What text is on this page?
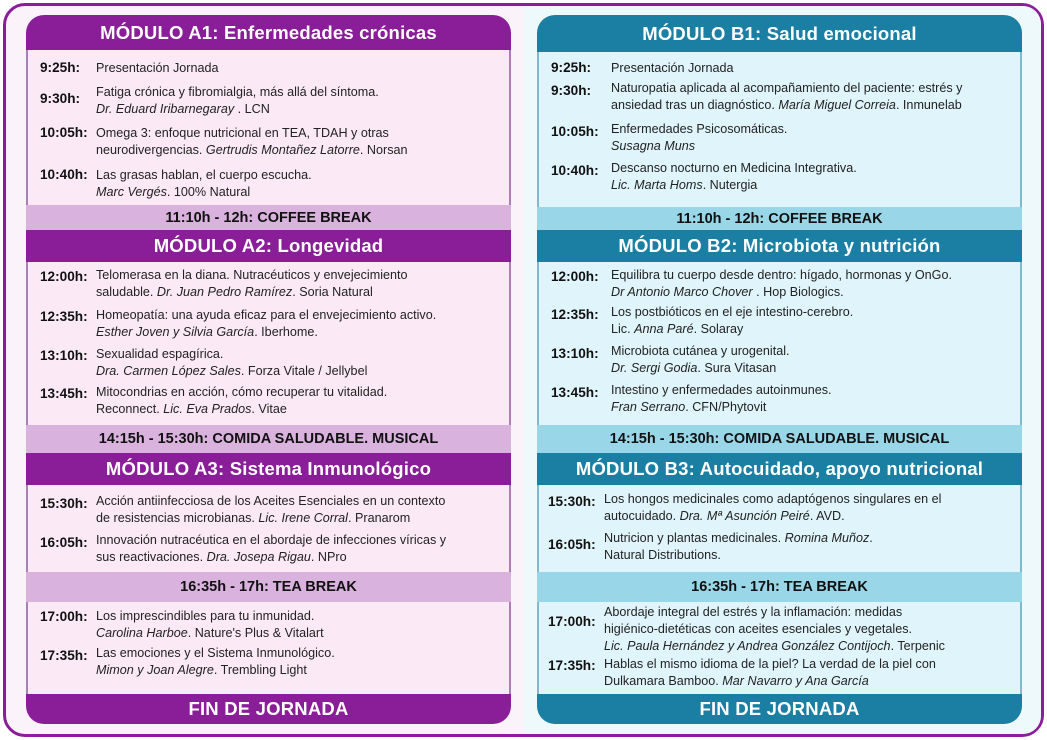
MÓDULO A1: Enfermedades crónicas
9:25h: Presentación Jornada
9:30h: Fatiga crónica y fibromialgia, más allá del síntoma.
Dr. Eduard Iribarnegaray . LCN
10:05h: Omega 3: enfoque nutricional en TEA, TDAH y otras
neurodivergencias. Gertrudis Montañez Latorre. Norsan
10:40h: Las grasas hablan, el cuerpo escucha.
Marc Vergés. 100% Natural
11:10h - 12h: COFFEE BREAK
MÓDULO A2: Longevidad
12:00h: Telomerasa en la diana. Nutracéuticos y envejecimiento
saludable. Dr. Juan Pedro Ramírez. Soria Natural
12:35h: Homeopatía: una ayuda eficaz para el envejecimiento activo.
Esther Joven y Silvia García. Iberhome.
13:10h: Sexualidad espagírica.
Dra. Carmen López Sales. Forza Vitale / Jellybel
13:45h: Mitocondrias en acción, cómo recuperar tu vitalidad.
Reconnect. Lic. Eva Prados. Vitae
14:15h - 15:30h: COMIDA SALUDABLE. MUSICAL
MÓDULO A3: Sistema Inmunológico
15:30h: Acción antiinfecciosa de los Aceites Esenciales en un contexto
de resistencias microbianas. Lic. Irene Corral. Pranarom
16:05h: Innovación nutracéutica en el abordaje de infecciones víricas y
sus reactivaciones. Dra. Josepa Rigau. NPro
16:35h - 17h: TEA BREAK
17:00h: Los imprescindibles para tu inmunidad.
Carolina Harboe. Nature's Plus & Vitalart
17:35h: Las emociones y el Sistema Inmunológico.
Mimon y Joan Alegre. Trembling Light
FIN DE JORNADA
MÓDULO B1: Salud emocional
9:25h: Presentación Jornada
9:30h: Naturopatia aplicada al acompañamiento del paciente: estrés y
ansiedad tras un diagnóstico. María Miguel Correia. Inmunelab
10:05h: Enfermedades Psicosomáticas.
Susagna Muns
10:40h: Descanso nocturno en Medicina Integrativa.
Lic. Marta Homs. Nutergia
11:10h - 12h: COFFEE BREAK
MÓDULO B2: Microbiota y nutrición
12:00h: Equilibra tu cuerpo desde dentro: hígado, hormonas y OnGo.
Dr Antonio Marco Chover . Hop Biologics.
12:35h: Los postbióticos en el eje intestino-cerebro.
Lic. Anna Paré. Solaray
13:10h: Microbiota cutánea y urogenital.
Dr. Sergi Godia. Sura Vitasan
13:45h: Intestino y enfermedades autoinmunes.
Fran Serrano. CFN/Phytovit
14:15h - 15:30h: COMIDA SALUDABLE. MUSICAL
MÓDULO B3: Autocuidado, apoyo nutricional
15:30h: Los hongos medicinales como adaptógenos singulares en el
autocuidado. Dra. Mª Asunción Peiré. AVD.
16:05h: Nutricion y plantas medicinales. Romina Muñoz.
Natural Distributions.
16:35h - 17h: TEA BREAK
17:00h:
Abordaje integral del estrés y la inflamación: medidas
higiénico-dietéticas con aceites esenciales y vegetales.
Lic. Paula Hernández y Andrea González Contijoch. Terpenic
17:35h: Hablas el mismo idioma de la piel? La verdad de la piel con
Dulkamara Bamboo. Mar Navarro y Ana García
FIN DE JORNADA
